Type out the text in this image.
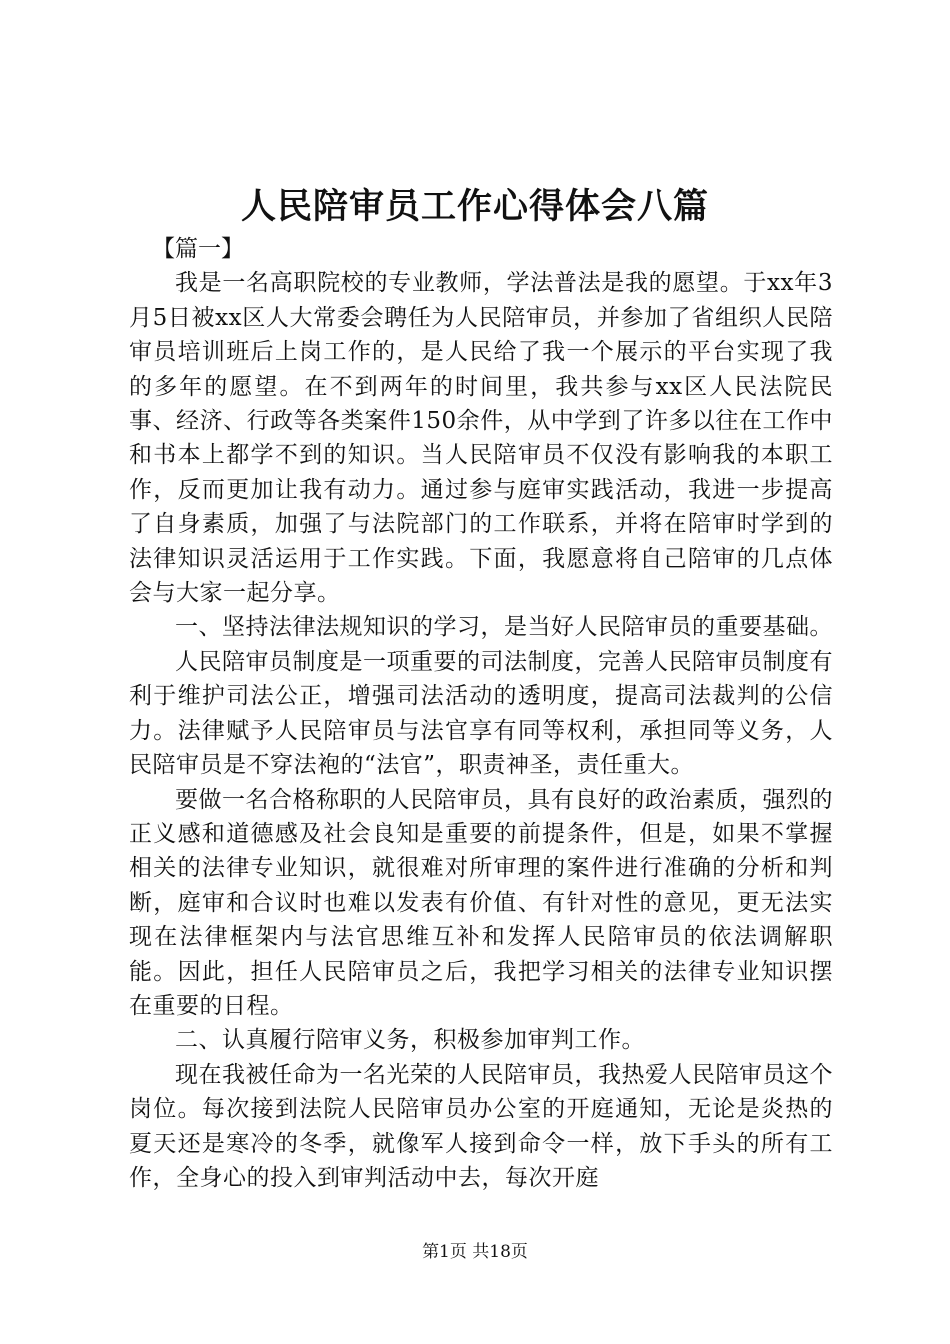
人民陪审员工作心得体会八篇

【篇一】

我是一名高职院校的专业教师，学法普法是我的愿望。于xx年3月5日被xx区人大常委会聘任为人民陪审员，并参加了省组织人民陪审员培训班后上岗工作的，是人民给了我一个展示的平台实现了我的多年的愿望。在不到两年的时间里，我共参与xx区人民法院民事、经济、行政等各类案件150余件，从中学到了许多以往在工作中和书本上都学不到的知识。当人民陪审员不仅没有影响我的本职工作，反而更加让我有动力。通过参与庭审实践活动，我进一步提高了自身素质，加强了与法院部门的工作联系，并将在陪审时学到的法律知识灵活运用于工作实践。下面，我愿意将自己陪审的几点体会与大家一起分享。

一、坚持法律法规知识的学习，是当好人民陪审员的重要基础。

人民陪审员制度是一项重要的司法制度，完善人民陪审员制度有利于维护司法公正，增强司法活动的透明度，提高司法裁判的公信力。法律赋予人民陪审员与法官享有同等权利，承担同等义务，人民陪审员是不穿法袍的“法官”，职责神圣，责任重大。

要做一名合格称职的人民陪审员，具有良好的政治素质，强烈的正义感和道德感及社会良知是重要的前提条件，但是，如果不掌握相关的法律专业知识，就很难对所审理的案件进行准确的分析和判断，庭审和合议时也难以发表有价值、有针对性的意见，更无法实现在法律框架内与法官思维互补和发挥人民陪审员的依法调解职能。因此，担任人民陪审员之后，我把学习相关的法律专业知识摆在重要的日程。

二、认真履行陪审义务，积极参加审判工作。

现在我被任命为一名光荣的人民陪审员，我热爱人民陪审员这个岗位。每次接到法院人民陪审员办公室的开庭通知，无论是炎热的夏天还是寒冷的冬季，就像军人接到命令一样，放下手头的所有工作，全身心的投入到审判活动中去，每次开庭

第1页 共18页
